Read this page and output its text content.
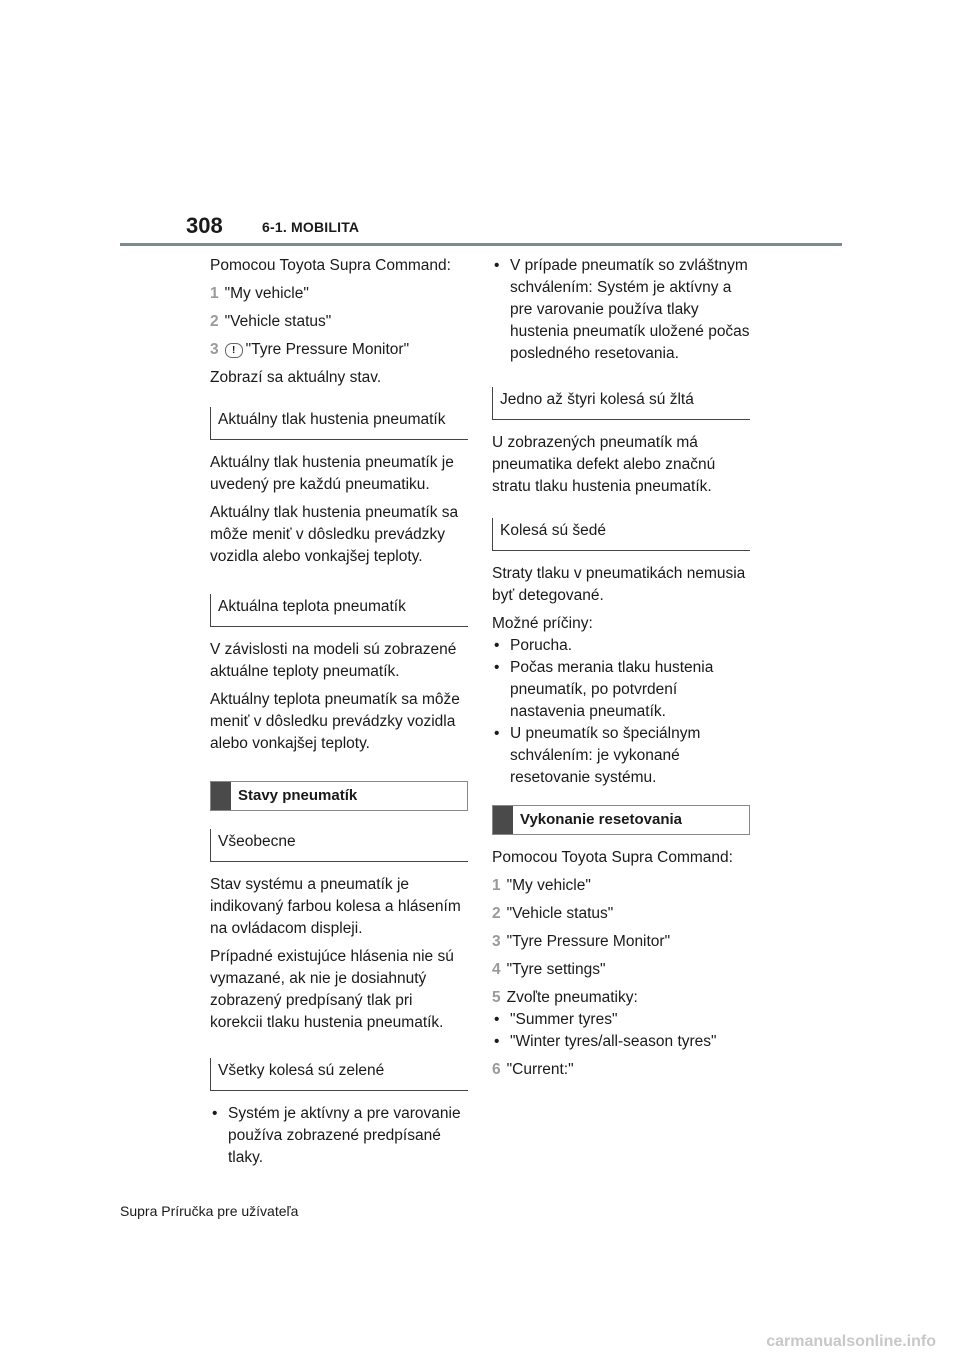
308	6-1. MOBILITA

Pomocou Toyota Supra Command:

1 "My vehicle"
2 "Vehicle status"
3 ! "Tyre Pressure Monitor"

Zobrazí sa aktuálny stav.

Aktuálny tlak hustenia pneumatík

Aktuálny tlak hustenia pneumatík je uvedený pre každú pneumatiku.

Aktuálny tlak hustenia pneumatík sa môže meniť v dôsledku prevádzky vozidla alebo vonkajšej teploty.

Aktuálna teplota pneumatík

V závislosti na modeli sú zobrazené aktuálne teploty pneumatík.

Aktuálny teplota pneumatík sa môže meniť v dôsledku prevádzky vozidla alebo vonkajšej teploty.

Stavy pneumatík
Všeobecne

Stav systému a pneumatík je indikovaný farbou kolesa a hlásením na ovládacom displeji.

Prípadné existujúce hlásenia nie sú vymazané, ak nie je dosiahnutý zobrazený predpísaný tlak pri korekcii tlaku hustenia pneumatík.

Všetky kolesá sú zelené
• Systém je aktívny a pre varovanie používa zobrazené predpísané tlaky.
• V prípade pneumatík so zvláštnym schválením: Systém je aktívny a pre varovanie používa tlaky hustenia pneumatík uložené počas posledného resetovania.
Jedno až štyri kolesá sú žltá

U zobrazených pneumatík má pneumatika defekt alebo značnú stratu tlaku hustenia pneumatík.

Kolesá sú šedé

Straty tlaku v pneumatikách nemusia byť detegované.

Možné príčiny:

• Porucha.
• Počas merania tlaku hustenia pneumatík, po potvrdení nastavenia pneumatík.
• U pneumatík so špeciálnym schválením: je vykonané resetovanie systému.
Vykonanie resetovania

Pomocou Toyota Supra Command:

1 "My vehicle"
2 "Vehicle status"
3 "Tyre Pressure Monitor"
4 "Tyre settings"
5 Zvoľte pneumatiky:
• "Summer tyres"
• "Winter tyres/all-season tyres"
6 "Current:"
Supra Príručka pre užívateľa
carmanualsonline.info
